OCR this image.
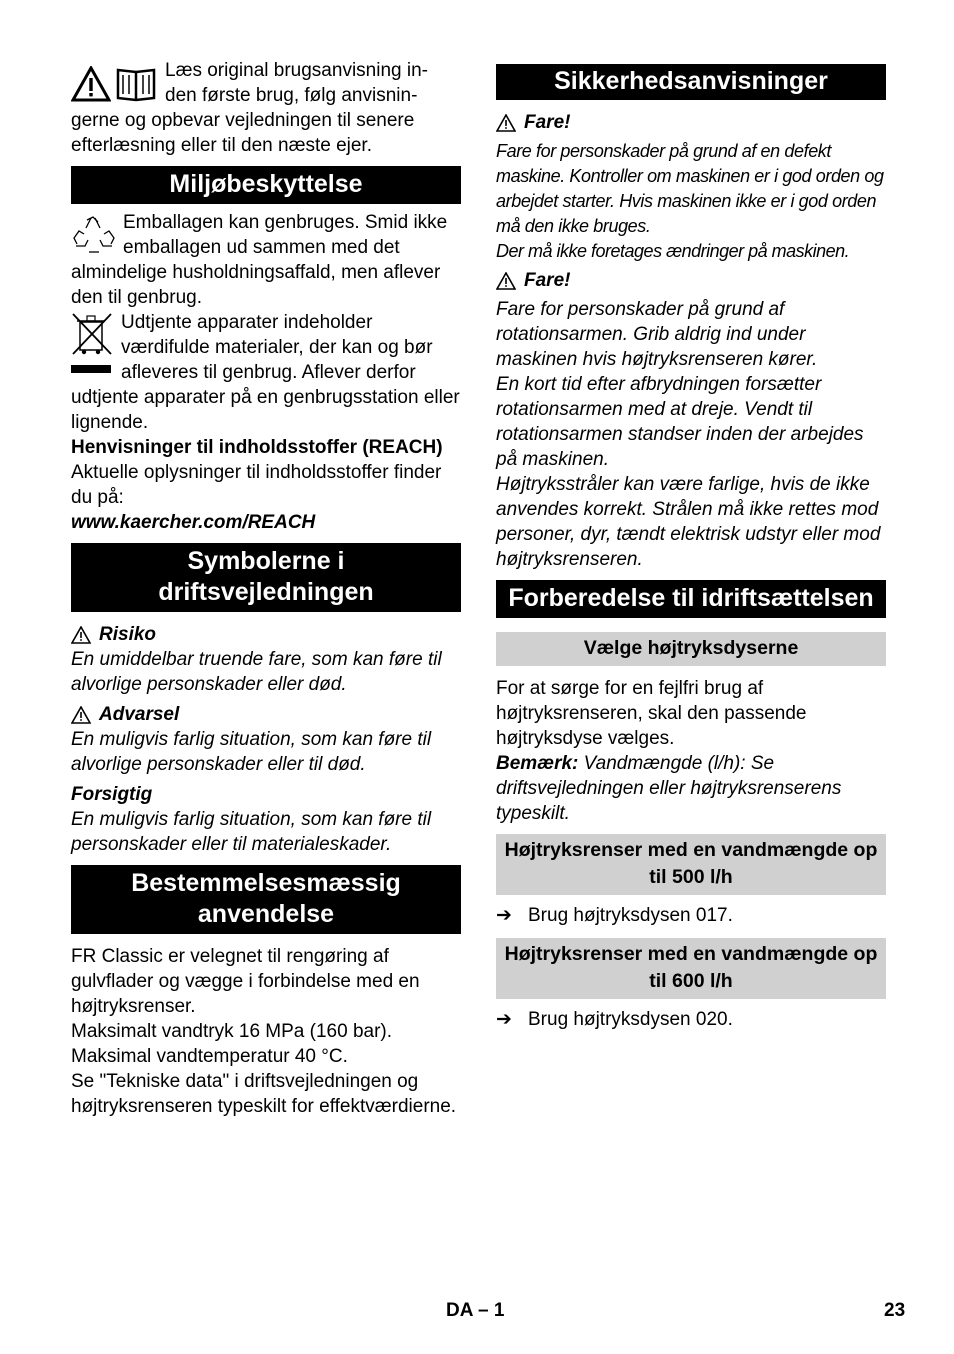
Læs original brugsanvisning in-

den første brug, følg anvisnin-

gerne og opbevar vejledningen til senere efterlæsning eller til den næste ejer.

Miljøbeskyttelse

Emballagen kan genbruges. Smid ikke emballagen ud sammen med det almindelige husholdningsaffald, men aflever den til genbrug.

Udtjente apparater indeholder værdifulde materialer, der kan og bør afleveres til genbrug. Aflever derfor udtjente apparater på en genbrugsstation eller lignende.

Henvisninger til indholdsstoffer (REACH)

Aktuelle oplysninger til indholdsstoffer finder du på:

www.kaercher.com/REACH

Symbolerne i driftsvejledningen
Risiko

En umiddelbar truende fare, som kan føre til alvorlige personskader eller død.

Advarsel

En muligvis farlig situation, som kan føre til alvorlige personskader eller til død.

Forsigtig

En muligvis farlig situation, som kan føre til personskader eller til materialeskader.

Bestemmelsesmæssig anvendelse

FR Classic er velegnet til rengøring af gulvflader og vægge i forbindelse med en højtryksrenser.

Maksimalt vandtryk 16 MPa (160 bar).

Maksimal vandtemperatur 40 °C.

Se "Tekniske data" i driftsvejledningen og højtryksrenseren typeskilt for effektværdierne.

Sikkerhedsanvisninger
Fare!

Fare for personskader på grund af en defekt maskine. Kontroller om maskinen er i god orden og arbejdet starter. Hvis maskinen ikke er i god orden må den ikke bruges.

Der må ikke foretages ændringer på maskinen.

Fare!

Fare for personskader på grund af rotationsarmen. Grib aldrig ind under maskinen hvis højtryksrenseren kører.

En kort tid efter afbrydningen forsætter rotationsarmen med at dreje. Vendt til rotationsarmen standser inden der arbejdes på maskinen.

Højtryksstråler kan være farlige, hvis de ikke anvendes korrekt. Strålen må ikke rettes mod personer, dyr, tændt elektrisk udstyr eller mod højtryksrenseren.

Forberedelse til idriftsættelsen
Vælge højtryksdyserne

For at sørge for en fejlfri brug af højtryksrenseren, skal den passende højtryksdyse vælges.

Bemærk: Vandmængde (l/h): Se driftsvejledningen eller højtryksrenserens typeskilt.

Højtryksrenser med en vandmængde op til 500 l/h
➔ Brug højtryksdysen 017.
Højtryksrenser med en vandmængde op til 600 l/h
➔ Brug højtryksdysen 020.
DA – 1	23
